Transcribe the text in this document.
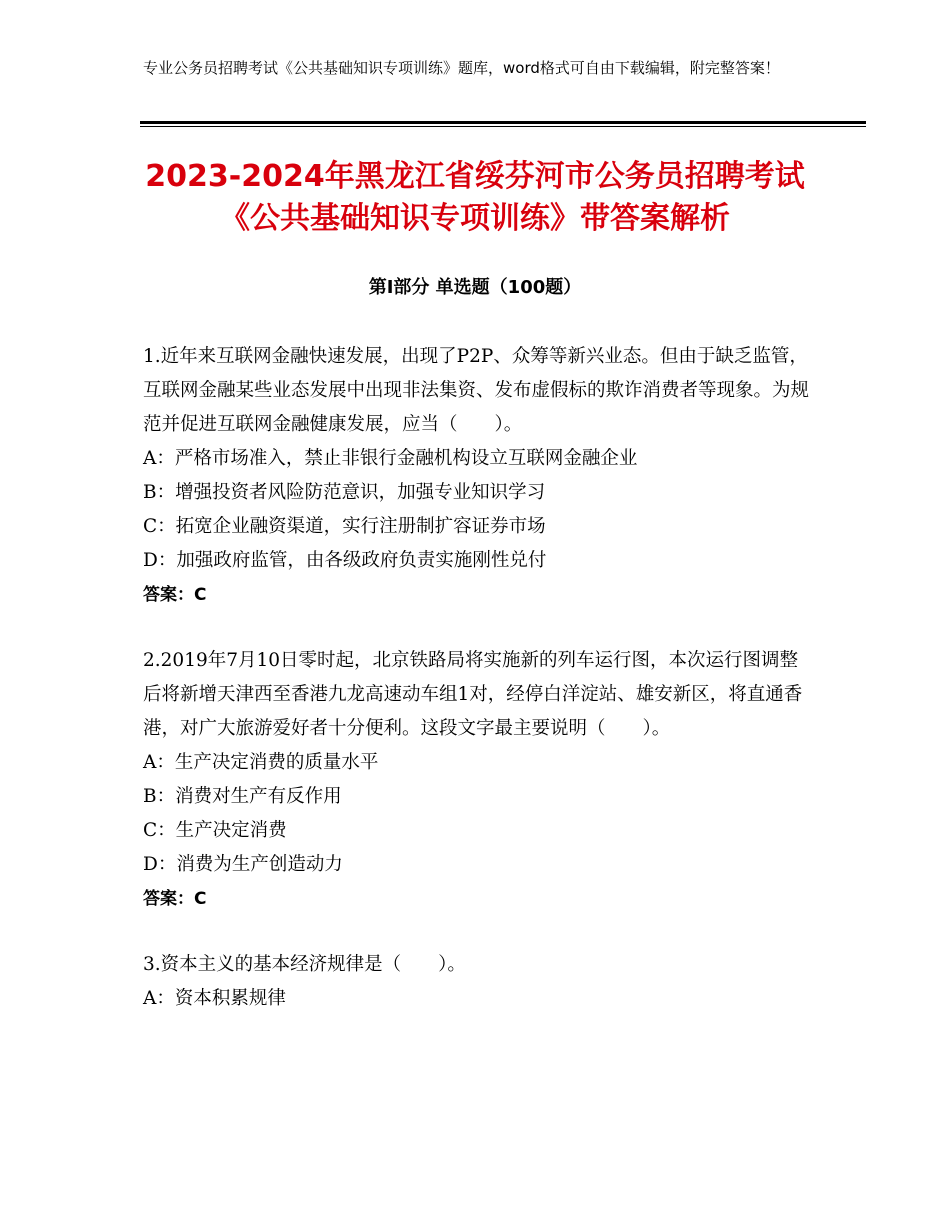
专业公务员招聘考试《公共基础知识专项训练》题库，word格式可自由下载编辑，附完整答案！
2023-2024年黑龙江省绥芬河市公务员招聘考试《公共基础知识专项训练》带答案解析
第Ⅰ部分 单选题（100题）
1.近年来互联网金融快速发展，出现了P2P、众筹等新兴业态。但由于缺乏监管，互联网金融某些业态发展中出现非法集资、发布虚假标的欺诈消费者等现象。为规范并促进互联网金融健康发展，应当（　　）。
A：严格市场准入，禁止非银行金融机构设立互联网金融企业
B：增强投资者风险防范意识，加强专业知识学习
C：拓宽企业融资渠道，实行注册制扩容证券市场
D：加强政府监管，由各级政府负责实施刚性兑付
答案：C
2.2019年7月10日零时起，北京铁路局将实施新的列车运行图，本次运行图调整后将新增天津西至香港九龙高速动车组1对，经停白洋淀站、雄安新区，将直通香港，对广大旅游爱好者十分便利。这段文字最主要说明（　　）。
A：生产决定消费的质量水平
B：消费对生产有反作用
C：生产决定消费
D：消费为生产创造动力
答案：C
3.资本主义的基本经济规律是（　　）。
A：资本积累规律
